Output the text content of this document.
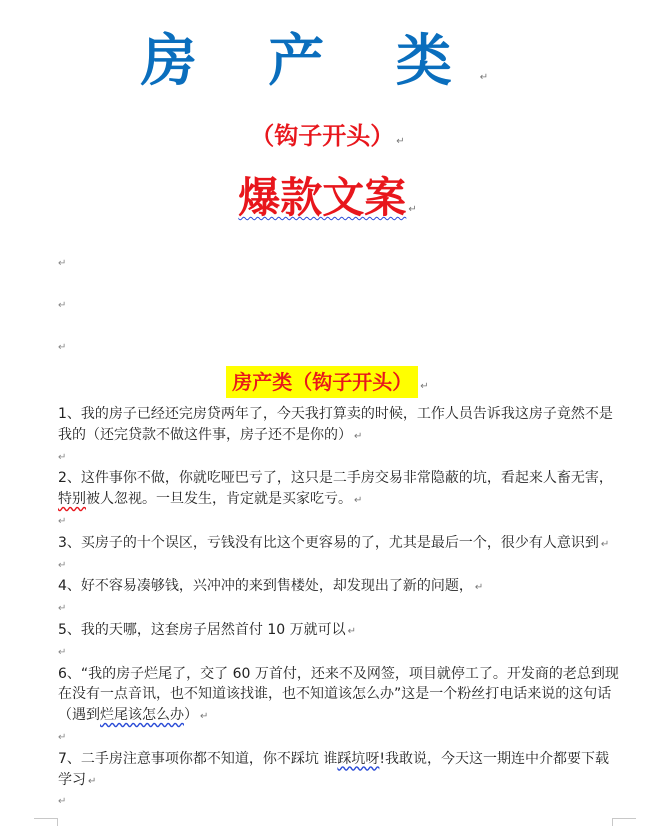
房 产 类 ↵
（钩子开头） ↵
爆款文案 ↵
↵
↵
↵
房产类（钩子开头） ↵

1、我的房子已经还完房贷两年了，今天我打算卖的时候，工作人员告诉我这房子竟然不是我的（还完贷款不做这件事，房子还不是你的） ↵

↵

2、这件事你不做，你就吃哑巴亏了，这只是二手房交易非常隐蔽的坑，看起来人畜无害，特别被人忽视。一旦发生，肯定就是买家吃亏。 ↵

↵

3、买房子的十个误区，亏钱没有比这个更容易的了，尤其是最后一个，很少有人意识到 ↵

↵

4、好不容易凑够钱，兴冲冲的来到售楼处，却发现出了新的问题， ↵

↵

5、我的天哪，这套房子居然首付 10 万就可以 ↵

↵

6、“我的房子烂尾了，交了 60 万首付，还来不及网签，项目就停工了。开发商的老总到现在没有一点音讯，也不知道该找谁，也不知道该怎么办”这是一个粉丝打电话来说的这句话（遇到烂尾该怎么办） ↵

↵

7、二手房注意事项你都不知道，你不踩坑 谁踩坑呀!我敢说，今天这一期连中介都要下载学习 ↵

↵
